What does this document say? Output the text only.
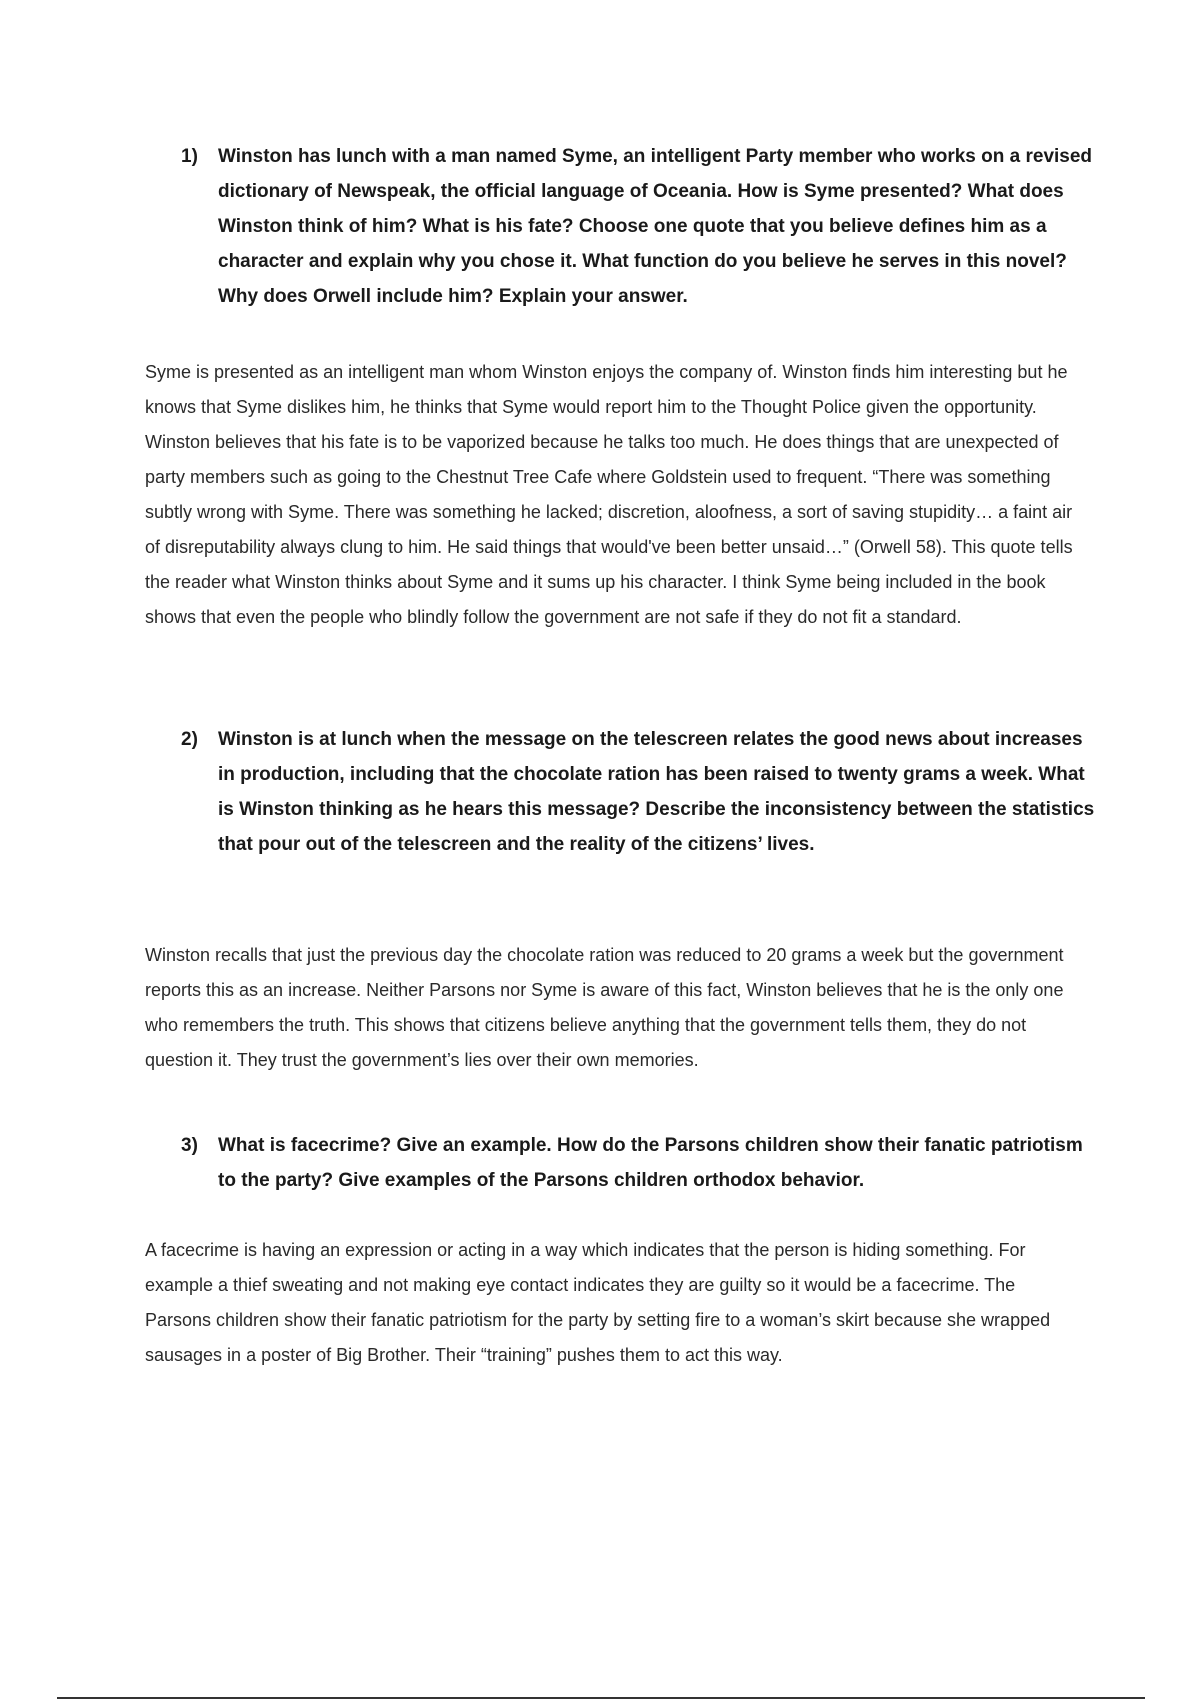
1)	Winston has lunch with a man named Syme, an intelligent Party member who works on a revised dictionary of Newspeak, the official language of Oceania. How is Syme presented? What does Winston think of him? What is his fate? Choose one quote that you believe defines him as a character and explain why you chose it. What function do you believe he serves in this novel? Why does Orwell include him? Explain your answer.
Syme is presented as an intelligent man whom Winston enjoys the company of. Winston finds him interesting but he knows that Syme dislikes him, he thinks that Syme would report him to the Thought Police given the opportunity. Winston believes that his fate is to be vaporized because he talks too much. He does things that are unexpected of party members such as going to the Chestnut Tree Cafe where Goldstein used to frequent. “There was something subtly wrong with Syme. There was something he lacked; discretion, aloofness, a sort of saving stupidity… a faint air of disreputability always clung to him. He said things that would've been better unsaid…” (Orwell 58). This quote tells the reader what Winston thinks about Syme and it sums up his character. I think Syme being included in the book shows that even the people who blindly follow the government are not safe if they do not fit a standard.
2)	Winston is at lunch when the message on the telescreen relates the good news about increases in production, including that the chocolate ration has been raised to twenty grams a week. What is Winston thinking as he hears this message? Describe the inconsistency between the statistics that pour out of the telescreen and the reality of the citizens’ lives.
Winston recalls that just the previous day the chocolate ration was reduced to 20 grams a week but the government reports this as an increase. Neither Parsons nor Syme is aware of this fact, Winston believes that he is the only one who remembers the truth. This shows that citizens believe anything that the government tells them, they do not question it. They trust the government’s lies over their own memories.
3)	What is facecrime? Give an example. How do the Parsons children show their fanatic patriotism to the party? Give examples of the Parsons children orthodox behavior.
A facecrime is having an expression or acting in a way which indicates that the person is hiding something. For example a thief sweating and not making eye contact indicates they are guilty so it would be a facecrime. The Parsons children show their fanatic patriotism for the party by setting fire to a woman’s skirt because she wrapped sausages in a poster of Big Brother. Their “training” pushes them to act this way.
